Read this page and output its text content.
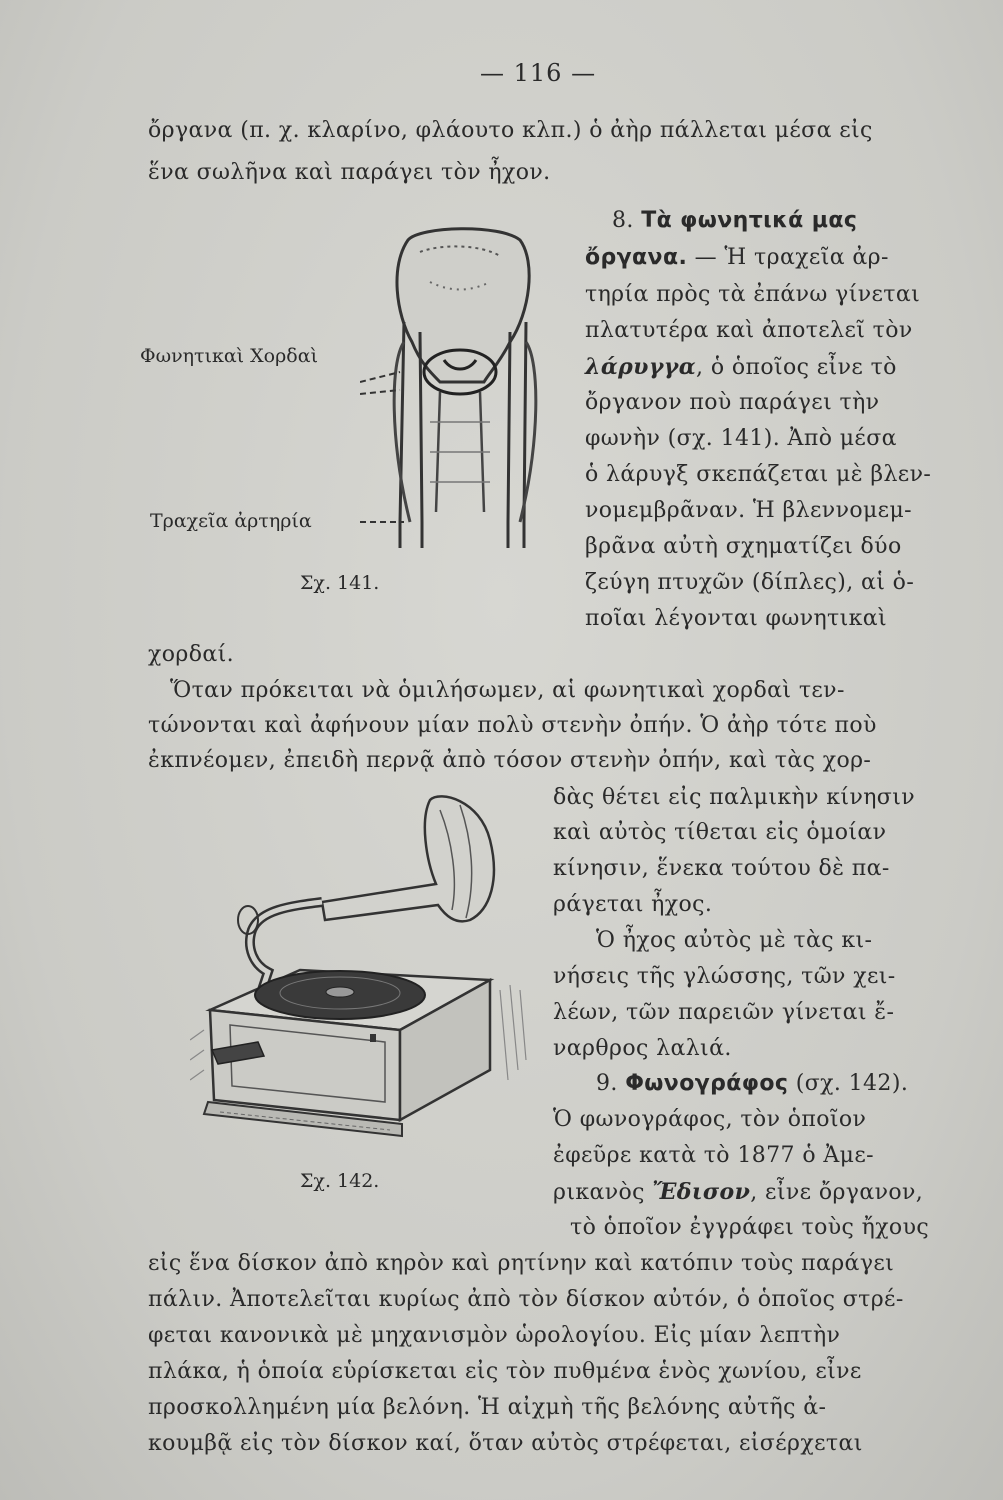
— 116 —
ὄργανα (π. χ. κλαρίνο, φλάουτο κλπ.) ὁ ἀὴρ πάλλεται μέσα εἰς
ἕνα σωλῆνα καὶ παράγει τὸν ἦχον.
Φωνητικαὶ Χορδαὶ
Τραχεῖα ἀρτηρία
Σχ. 141.
8. Τὰ φωνητικά μας
ὄργανα. — Ἡ τραχεῖα ἀρ-
τηρία πρὸς τὰ ἐπάνω γίνεται
πλατυτέρα καὶ ἀποτελεῖ τὸν
λάρυγγα, ὁ ὁποῖος εἶνε τὸ
ὄργανον ποὺ παράγει τὴν
φωνὴν (σχ. 141). Ἀπὸ μέσα
ὁ λάρυγξ σκεπάζεται μὲ βλεν-
νομεμβρᾶναν. Ἡ βλεννομεμ-
βρᾶνα αὐτὴ σχηματίζει δύο
ζεύγη πτυχῶν (δίπλες), αἱ ὁ-
ποῖαι λέγονται φωνητικαὶ
χορδαί.
Ὅταν πρόκειται νὰ ὁμιλήσωμεν, αἱ φωνητικαὶ χορδαὶ τεν-
τώνονται καὶ ἀφήνουν μίαν πολὺ στενὴν ὀπήν. Ὁ ἀὴρ τότε ποὺ
ἐκπνέομεν, ἐπειδὴ περνᾷ ἀπὸ τόσον στενὴν ὀπήν, καὶ τὰς χορ-
Σχ. 142.
δὰς θέτει εἰς παλμικὴν κίνησιν
καὶ αὐτὸς τίθεται εἰς ὁμοίαν
κίνησιν, ἕνεκα τούτου δὲ πα-
ράγεται ἦχος.
Ὁ ἦχος αὐτὸς μὲ τὰς κι-
νήσεις τῆς γλώσσης, τῶν χει-
λέων, τῶν παρειῶν γίνεται ἔ-
ναρθρος λαλιά.
9. Φωνογράφος (σχ. 142).
Ὁ φωνογράφος, τὸν ὁποῖον
ἐφεῦρε κατὰ τὸ 1877 ὁ Ἀμε-
ρικανὸς Ἔδισον, εἶνε ὄργανον,
τὸ ὁποῖον ἐγγράφει τοὺς ἤχους
εἰς ἕνα δίσκον ἀπὸ κηρὸν καὶ ρητίνην καὶ κατόπιν τοὺς παράγει
πάλιν. Ἀποτελεῖται κυρίως ἀπὸ τὸν δίσκον αὐτόν, ὁ ὁποῖος στρέ-
φεται κανονικὰ μὲ μηχανισμὸν ὡρολογίου. Εἰς μίαν λεπτὴν
πλάκα, ἡ ὁποία εὑρίσκεται εἰς τὸν πυθμένα ἑνὸς χωνίου, εἶνε
προσκολλημένη μία βελόνη. Ἡ αἰχμὴ τῆς βελόνης αὐτῆς ἀ-
κουμβᾷ εἰς τὸν δίσκον καί, ὅταν αὐτὸς στρέφεται, εἰσέρχεται
